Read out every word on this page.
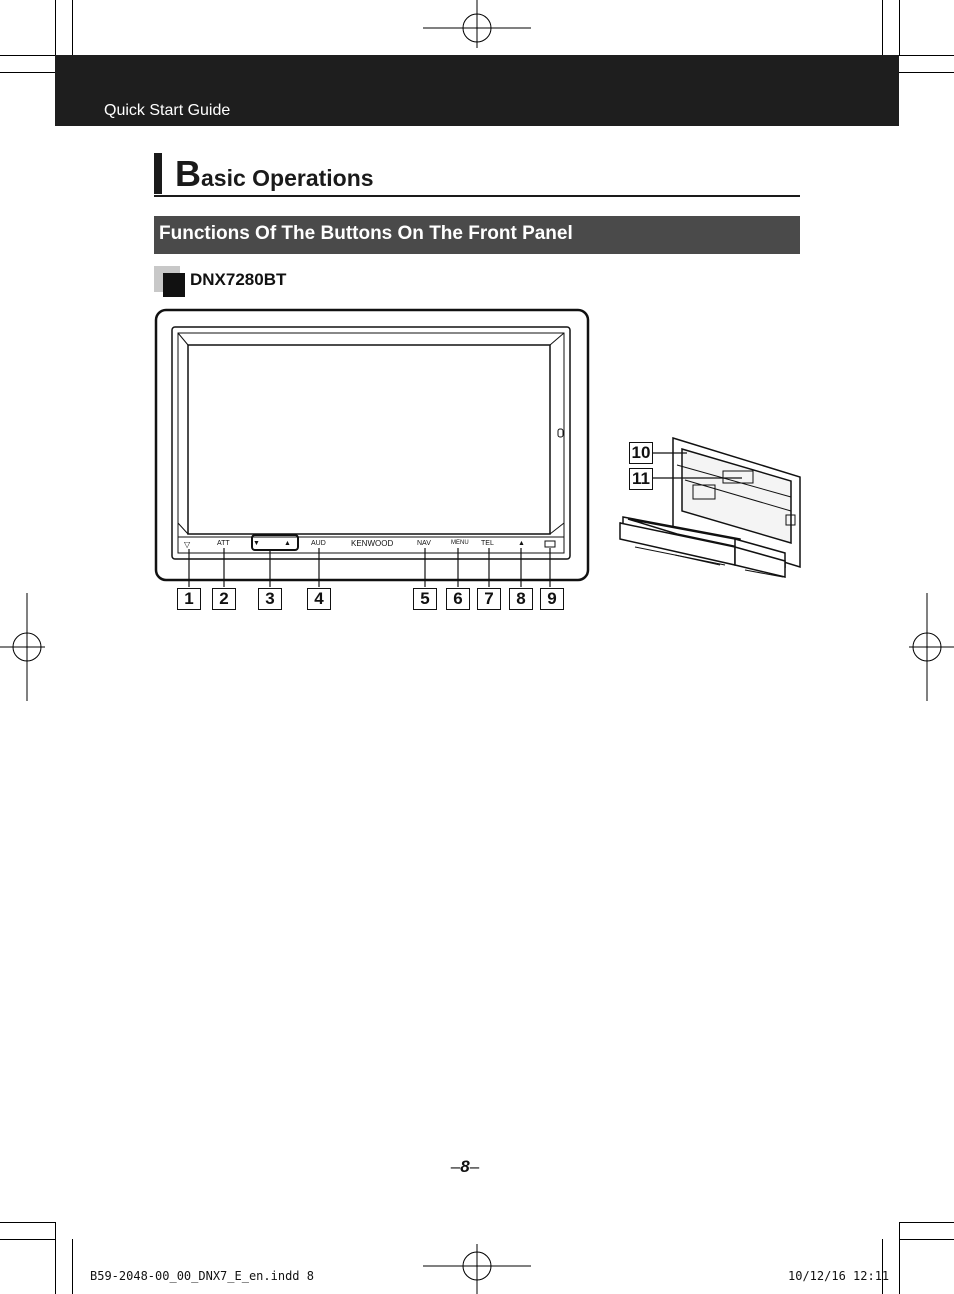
Quick Start Guide
Basic Operations
Functions Of The Buttons On The Front Panel
DNX7280BT
▽	ATT	▼	▲	AUD	KENWOOD	NAV	MENU TEL	▲
1	2	3	4	5	6	7	8	9
10
11
–8–
B59-2048-00_00_DNX7_E_en.indd 8	10/12/16 12:11
